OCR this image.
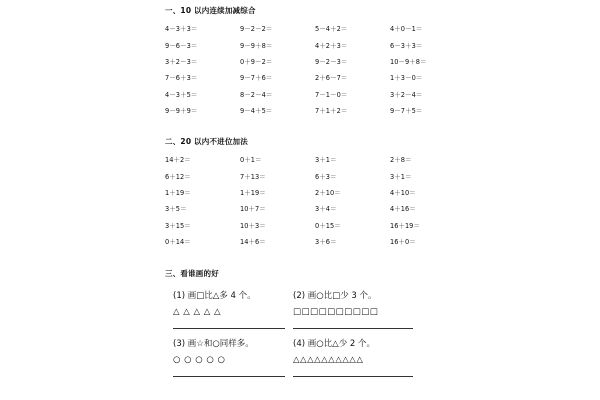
一、10 以内连续加减综合
4－3＋3＝	9－2－2＝	5－4＋2＝	4＋0－1＝
9－6－3＝	9－9＋8＝	4＋2＋3＝	6－3＋3＝
3＋2－3＝	0＋9－2＝	9－2－3＝	10－9＋8＝
7－6＋3＝	9－7＋6＝	2＋6－7＝	1＋3－0＝
4－3＋5＝	8－2－4＝	7－1－0＝	3＋2－4＝
9－9＋9＝	9－4＋5＝	7＋1＋2＝	9－7＋5＝
二、20 以内不进位加法
14＋2＝	0＋1＝	3＋1＝	2＋8＝
6＋12＝	7＋13＝	6＋3＝	3＋1＝
1＋19＝	1＋19＝	2＋10＝	4＋10＝
3＋5＝	10＋7＝	3＋4＝	4＋16＝
3＋15＝	10＋3＝	0＋15＝	16＋19＝
0＋14＝	14＋6＝	3＋6＝	16＋0＝
三、看谁画的好
(1) 画□比△多 4 个。
△ △ △ △ △
(2) 画○比□少 3 个。
□□□□□□□□□□
(3) 画☆和○同样多。
○ ○ ○ ○ ○
(4) 画○比△少 2 个。
△△△△△△△△△△
